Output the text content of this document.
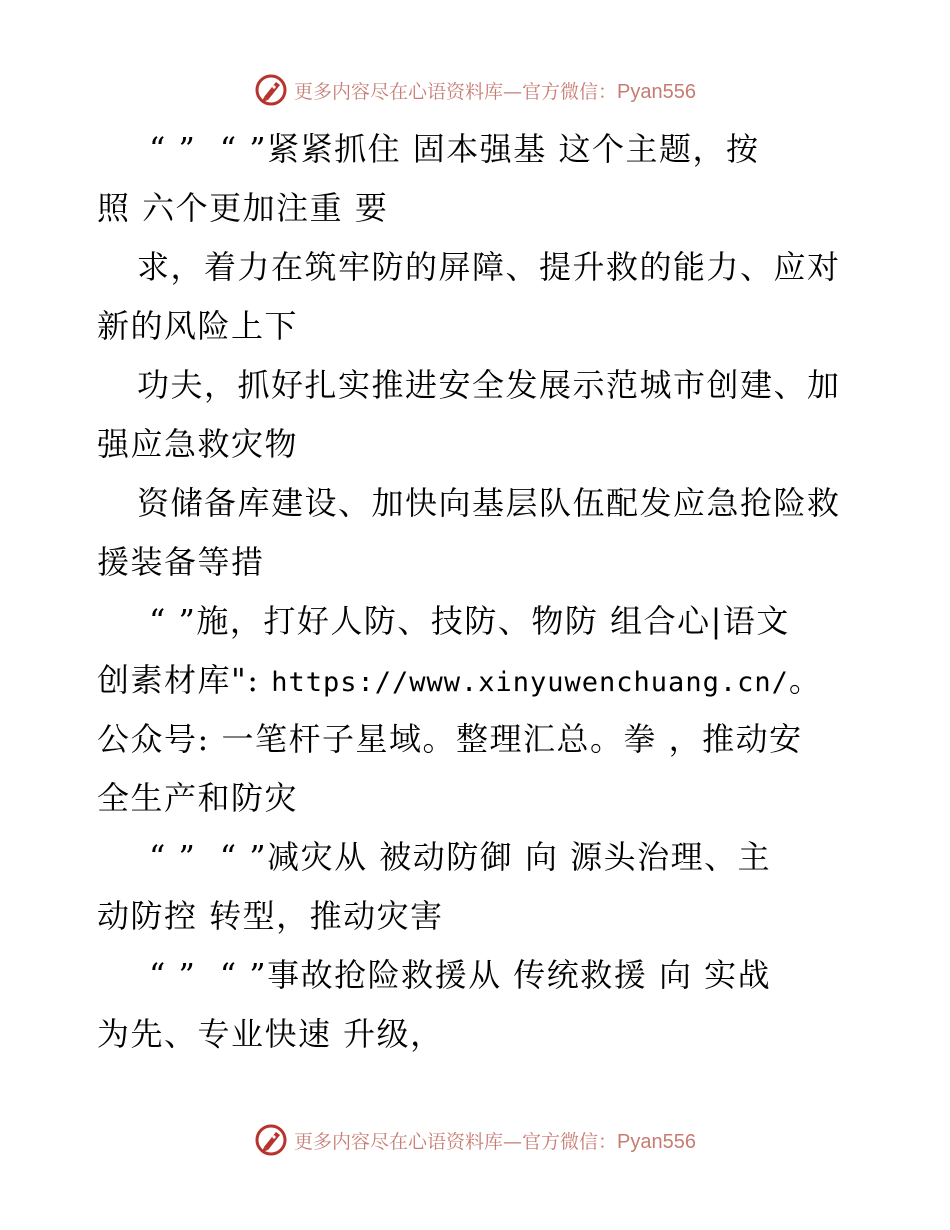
更多内容尽在心语资料库—官方微信：Pyan556
“ ”  “ ”紧紧抓住 固本强基 这个主题，按
照 六个更加注重 要
求，着力在筑牢防的屏障、提升救的能力、应对
新的风险上下
功夫，抓好扎实推进安全发展示范城市创建、加
强应急救灾物
资储备库建设、加快向基层队伍配发应急抢险救
援装备等措
“ ”施，打好人防、技防、物防 组合心|语文
创素材库": https://www.xinyuwenchuang.cn/。
公众号: 一笔杆子星域。整理汇总。拳 ，推动安
全生产和防灾
“ ”  “ ”减灾从 被动防御 向 源头治理、主
动防控 转型，推动灾害
“ ”  “ ”事故抢险救援从 传统救援 向 实战
为先、专业快速 升级，
更多内容尽在心语资料库—官方微信：Pyan556
